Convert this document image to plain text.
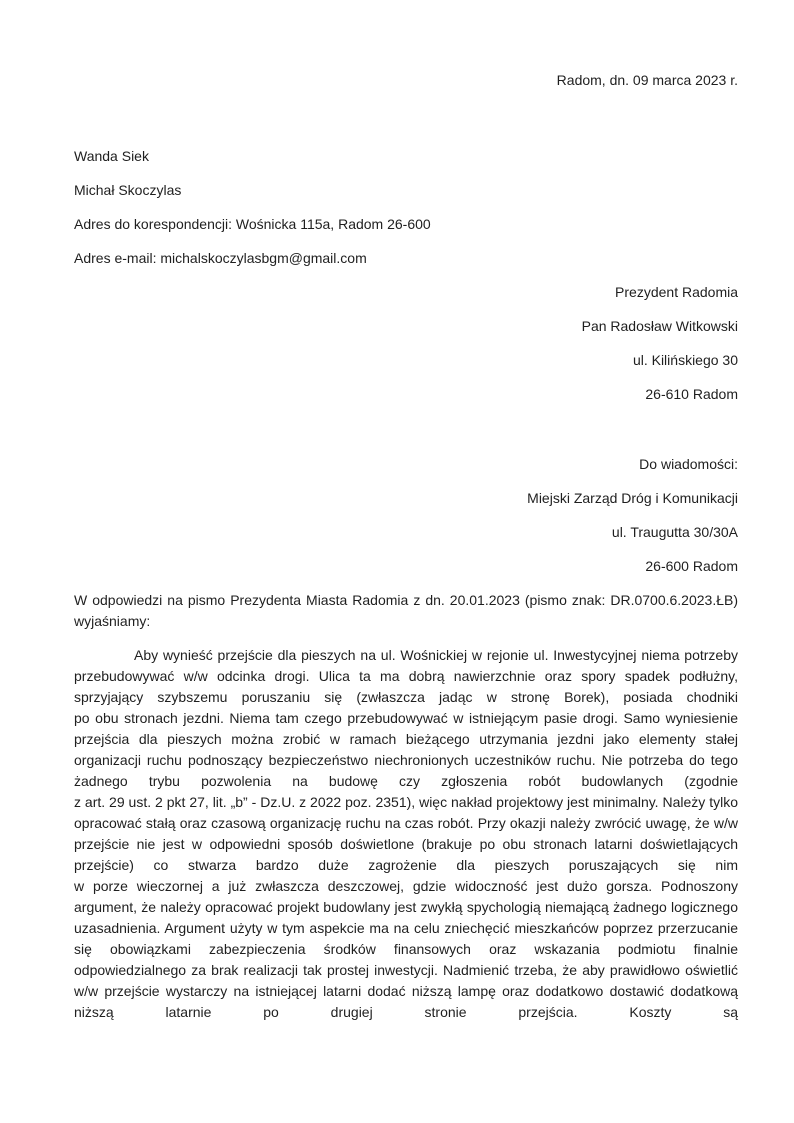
Radom, dn. 09 marca 2023 r.

Wanda Siek

Michał Skoczylas

Adres do korespondencji: Wośnicka 115a, Radom 26-600

Adres e-mail: michalskoczylasbgm@gmail.com

Prezydent Radomia

Pan Radosław Witkowski

ul. Kilińskiego 30

26-610 Radom

Do wiadomości:

Miejski Zarząd Dróg i Komunikacji

ul. Traugutta 30/30A

26-600 Radom

W odpowiedzi na pismo Prezydenta Miasta Radomia z dn. 20.01.2023 (pismo znak: DR.0700.6.2023.ŁB)
wyjaśniamy:
Aby wynieść przejście dla pieszych na ul. Wośnickiej w rejonie ul. Inwestycyjnej niema potrzeby przebudowywać w/w odcinka drogi. Ulica ta ma dobrą nawierzchnie oraz spory spadek podłużny, sprzyjający szybszemu poruszaniu się (zwłaszcza jadąc w stronę Borek), posiada chodniki
po obu stronach jezdni. Niema tam czego przebudowywać w istniejącym pasie drogi. Samo wyniesienie przejścia dla pieszych można zrobić w ramach bieżącego utrzymania jezdni jako elementy stałej organizacji ruchu podnoszący bezpieczeństwo niechronionych uczestników ruchu. Nie potrzeba do tego żadnego trybu pozwolenia na budowę czy zgłoszenia robót budowlanych (zgodnie
z art. 29 ust. 2 pkt 27, lit. „b” - Dz.U. z 2022 poz. 2351), więc nakład projektowy jest minimalny. Należy tylko opracować stałą oraz czasową organizację ruchu na czas robót. Przy okazji należy zwrócić uwagę, że w/w przejście nie jest w odpowiedni sposób doświetlone (brakuje po obu stronach latarni doświetlających przejście) co stwarza bardzo duże zagrożenie dla pieszych poruszających się nim
w porze wieczornej a już zwłaszcza deszczowej, gdzie widoczność jest dużo gorsza. Podnoszony argument, że należy opracować projekt budowlany jest zwykłą spychologią niemającą żadnego logicznego uzasadnienia. Argument użyty w tym aspekcie ma na celu zniechęcić mieszkańców poprzez przerzucanie się obowiązkami zabezpieczenia środków finansowych oraz wskazania podmiotu finalnie odpowiedzialnego za brak realizacji tak prostej inwestycji. Nadmienić trzeba, że aby prawidłowo oświetlić w/w przejście wystarczy na istniejącej latarni dodać niższą lampę oraz dodatkowo dostawić dodatkową niższą latarnie po drugiej stronie przejścia. Koszty są
